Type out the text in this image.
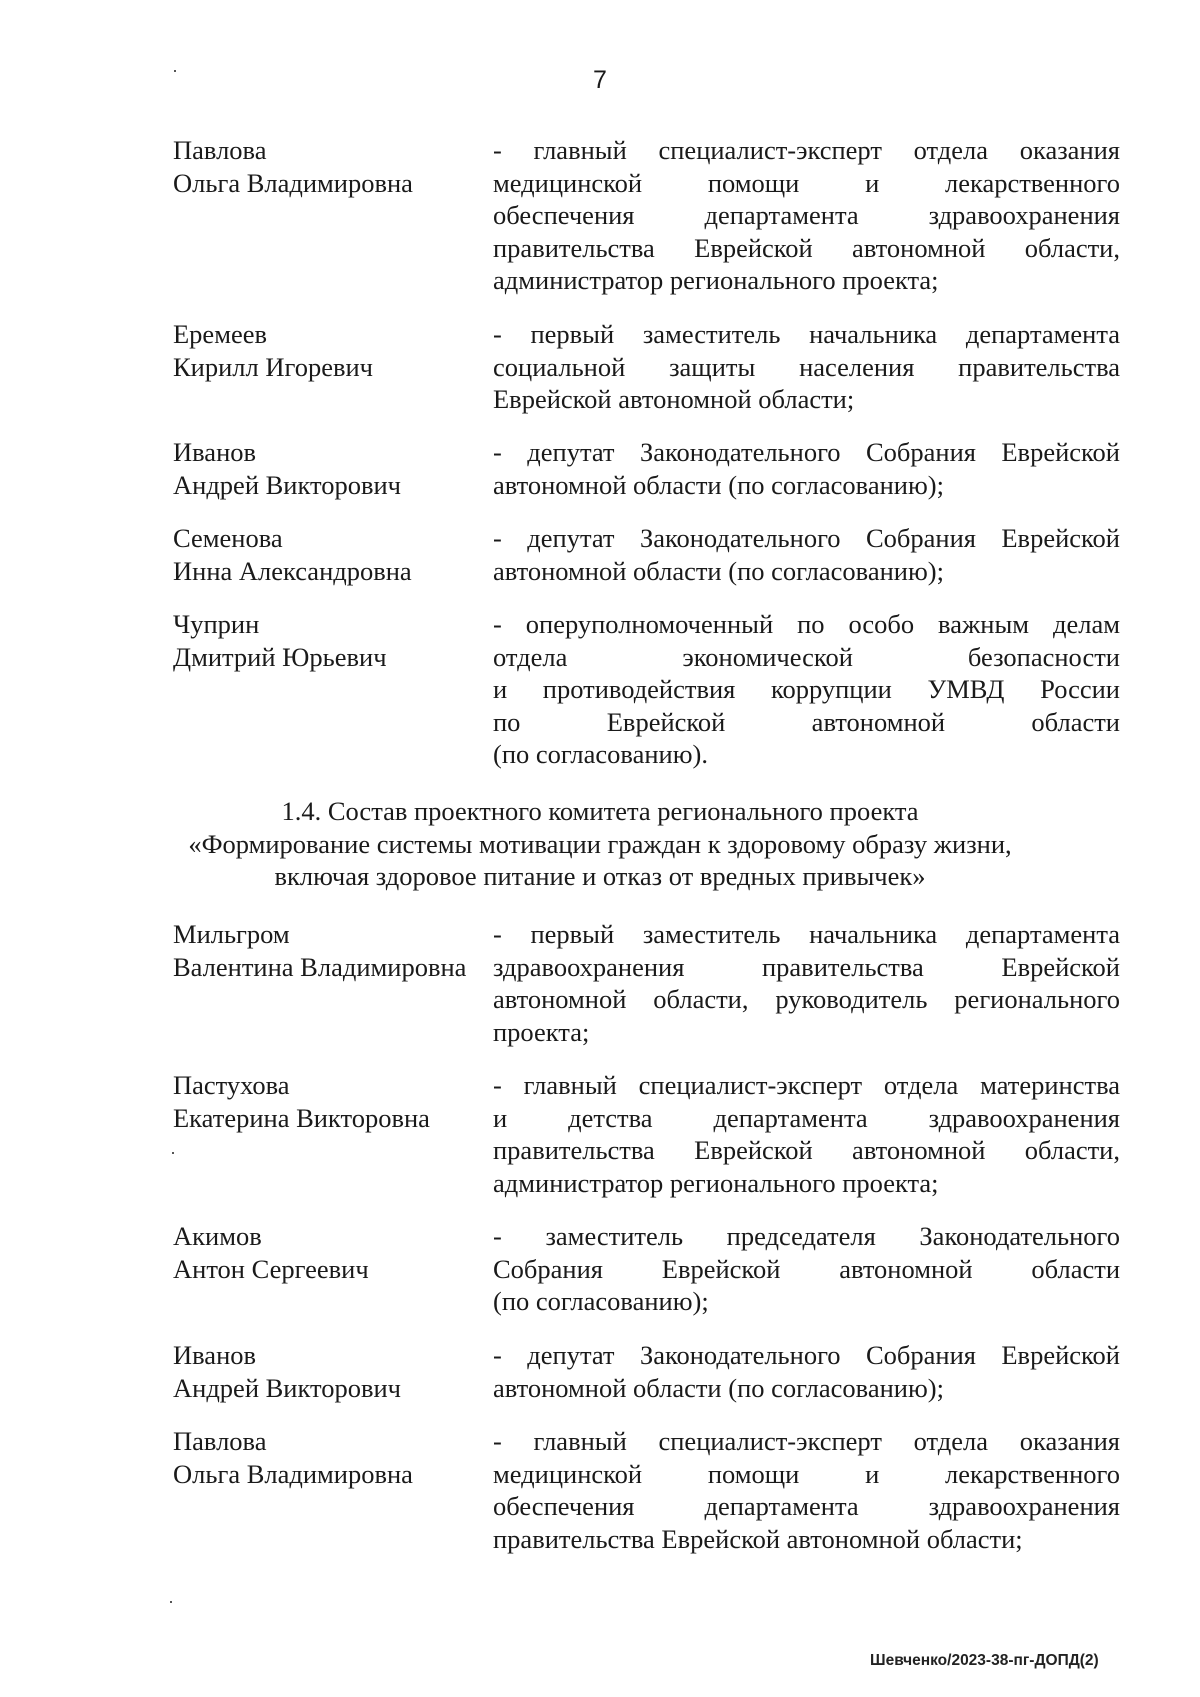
7
Павлова
Ольга Владимировна
- главный специалист-эксперт отдела оказания
медицинской помощи и лекарственного
обеспечения департамента здравоохранения
правительства Еврейской автономной области,
администратор регионального проекта;
Еремеев
Кирилл Игоревич
- первый заместитель начальника департамента
социальной защиты населения правительства
Еврейской автономной области;
Иванов
Андрей Викторович
- депутат Законодательного Собрания Еврейской
автономной области (по согласованию);
Семенова
Инна Александровна
- депутат Законодательного Собрания Еврейской
автономной области (по согласованию);
Чуприн
Дмитрий Юрьевич
- оперуполномоченный по особо важным делам
отдела экономической безопасности
и противодействия коррупции УМВД России
по Еврейской автономной области
(по согласованию).
1.4. Состав проектного комитета регионального проекта
«Формирование системы мотивации граждан к здоровому образу жизни,
включая здоровое питание и отказ от вредных привычек»
Мильгром
Валентина Владимировна
- первый заместитель начальника департамента
здравоохранения правительства Еврейской
автономной области, руководитель регионального
проекта;
Пастухова
Екатерина Викторовна
- главный специалист-эксперт отдела материнства
и детства департамента здравоохранения
правительства Еврейской автономной области,
администратор регионального проекта;
Акимов
Антон Сергеевич
- заместитель председателя Законодательного
Собрания Еврейской автономной области
(по согласованию);
Иванов
Андрей Викторович
- депутат Законодательного Собрания Еврейской
автономной области (по согласованию);
Павлова
Ольга Владимировна
- главный специалист-эксперт отдела оказания
медицинской помощи и лекарственного
обеспечения департамента здравоохранения
правительства Еврейской автономной области;
Шевченко/2023-38-пг-ДОПД(2)
